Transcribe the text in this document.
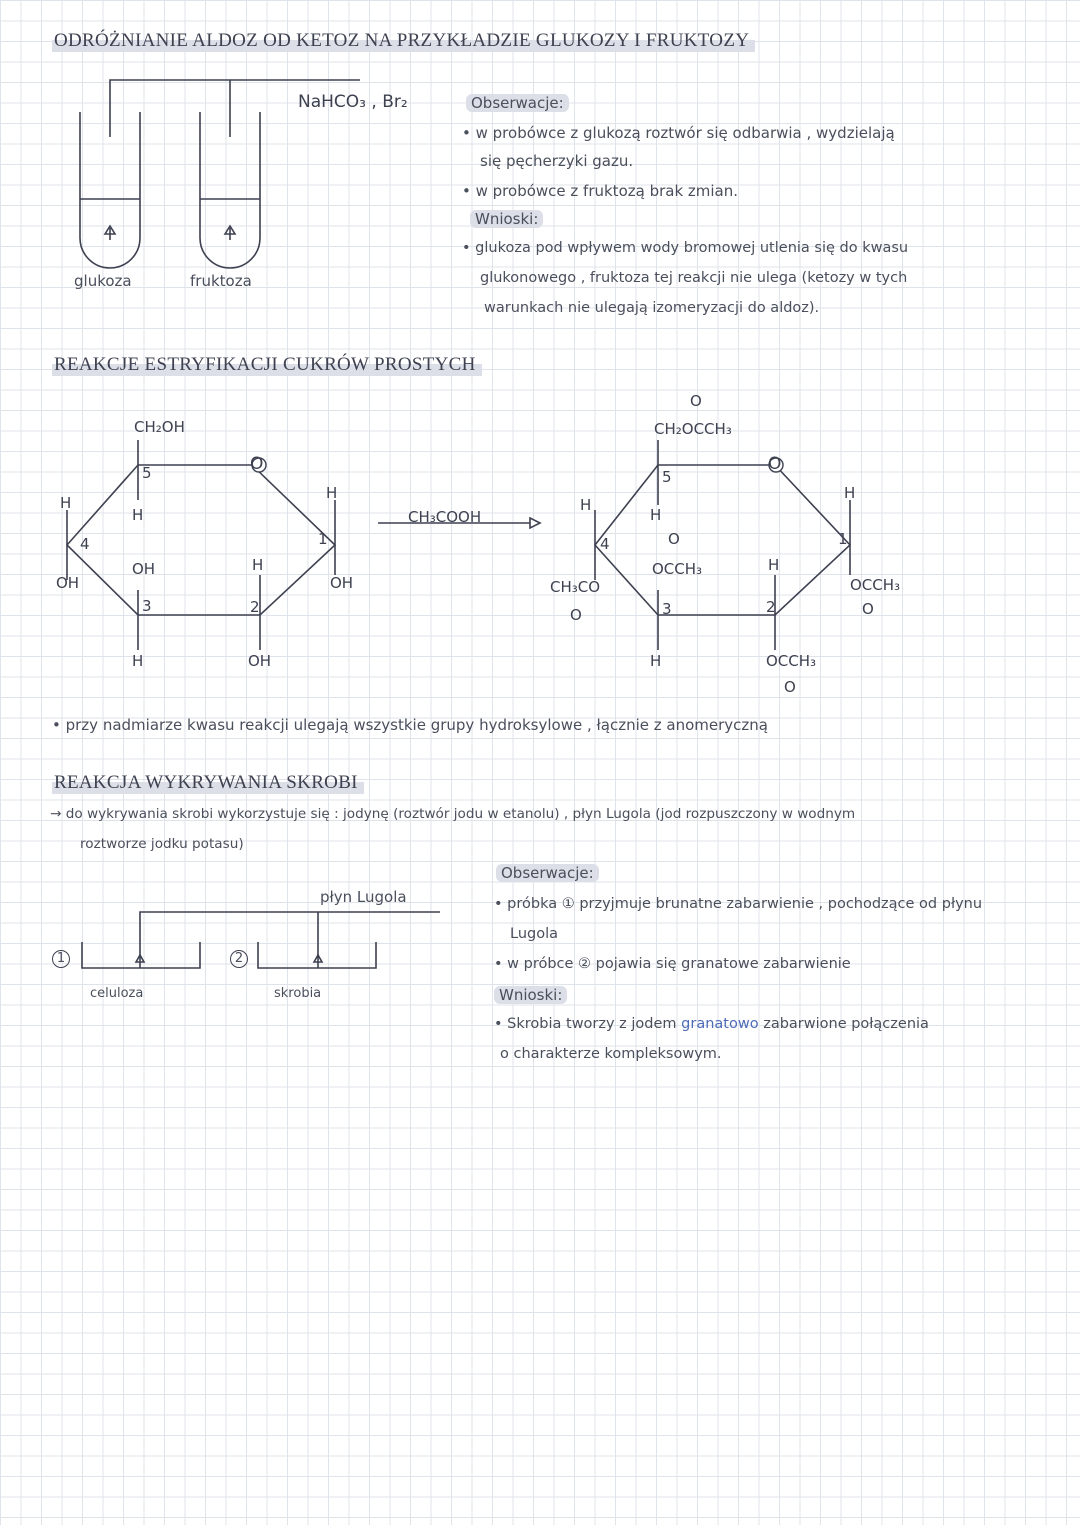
ODRÓŻNIANIE ALDOZ OD KETOZ NA PRZYKŁADZIE GLUKOZY I FRUKTOZY
NaHCO₃ , Br₂
glukoza	fruktoza
Obserwacje:
• w probówce z glukozą roztwór się odbarwia , wydzielają
się pęcherzyki gazu.
• w probówce z fruktozą brak zmian.
Wnioski:
• glukoza pod wpływem wody bromowej utlenia się do kwasu
glukonowego , fruktoza tej reakcji nie ulega (ketozy w tych
warunkach nie ulegają izomeryzacji do aldoz).
REAKCJE ESTRYFIKACJI CUKRÓW PROSTYCH
CH₂OH
5	O
H
4
OH
H
OH
3
H
H
2
OH
H
1
OH
CH₃COOH
O
CH₂OCCH₃
5
O
H
4
CH₃CO
O
H
O
OCCH₃
3
H
H
2
OCCH₃
O
H
1
OCCH₃
O
• przy nadmiarze kwasu reakcji ulegają wszystkie grupy hydroksylowe , łącznie z anomeryczną
REAKCJA WYKRYWANIA SKROBI
→ do wykrywania skrobi wykorzystuje się : jodynę (roztwór jodu w etanolu) , płyn Lugola (jod rozpuszczony w wodnym
roztworze jodku potasu)
płyn Lugola
1	2
celuloza	skrobia
Obserwacje:
• próbka ① przyjmuje brunatne zabarwienie , pochodzące od płynu
Lugola
• w próbce ② pojawia się granatowe zabarwienie
Wnioski:
• Skrobia tworzy z jodem granatowo zabarwione połączenia
o charakterze kompleksowym.
